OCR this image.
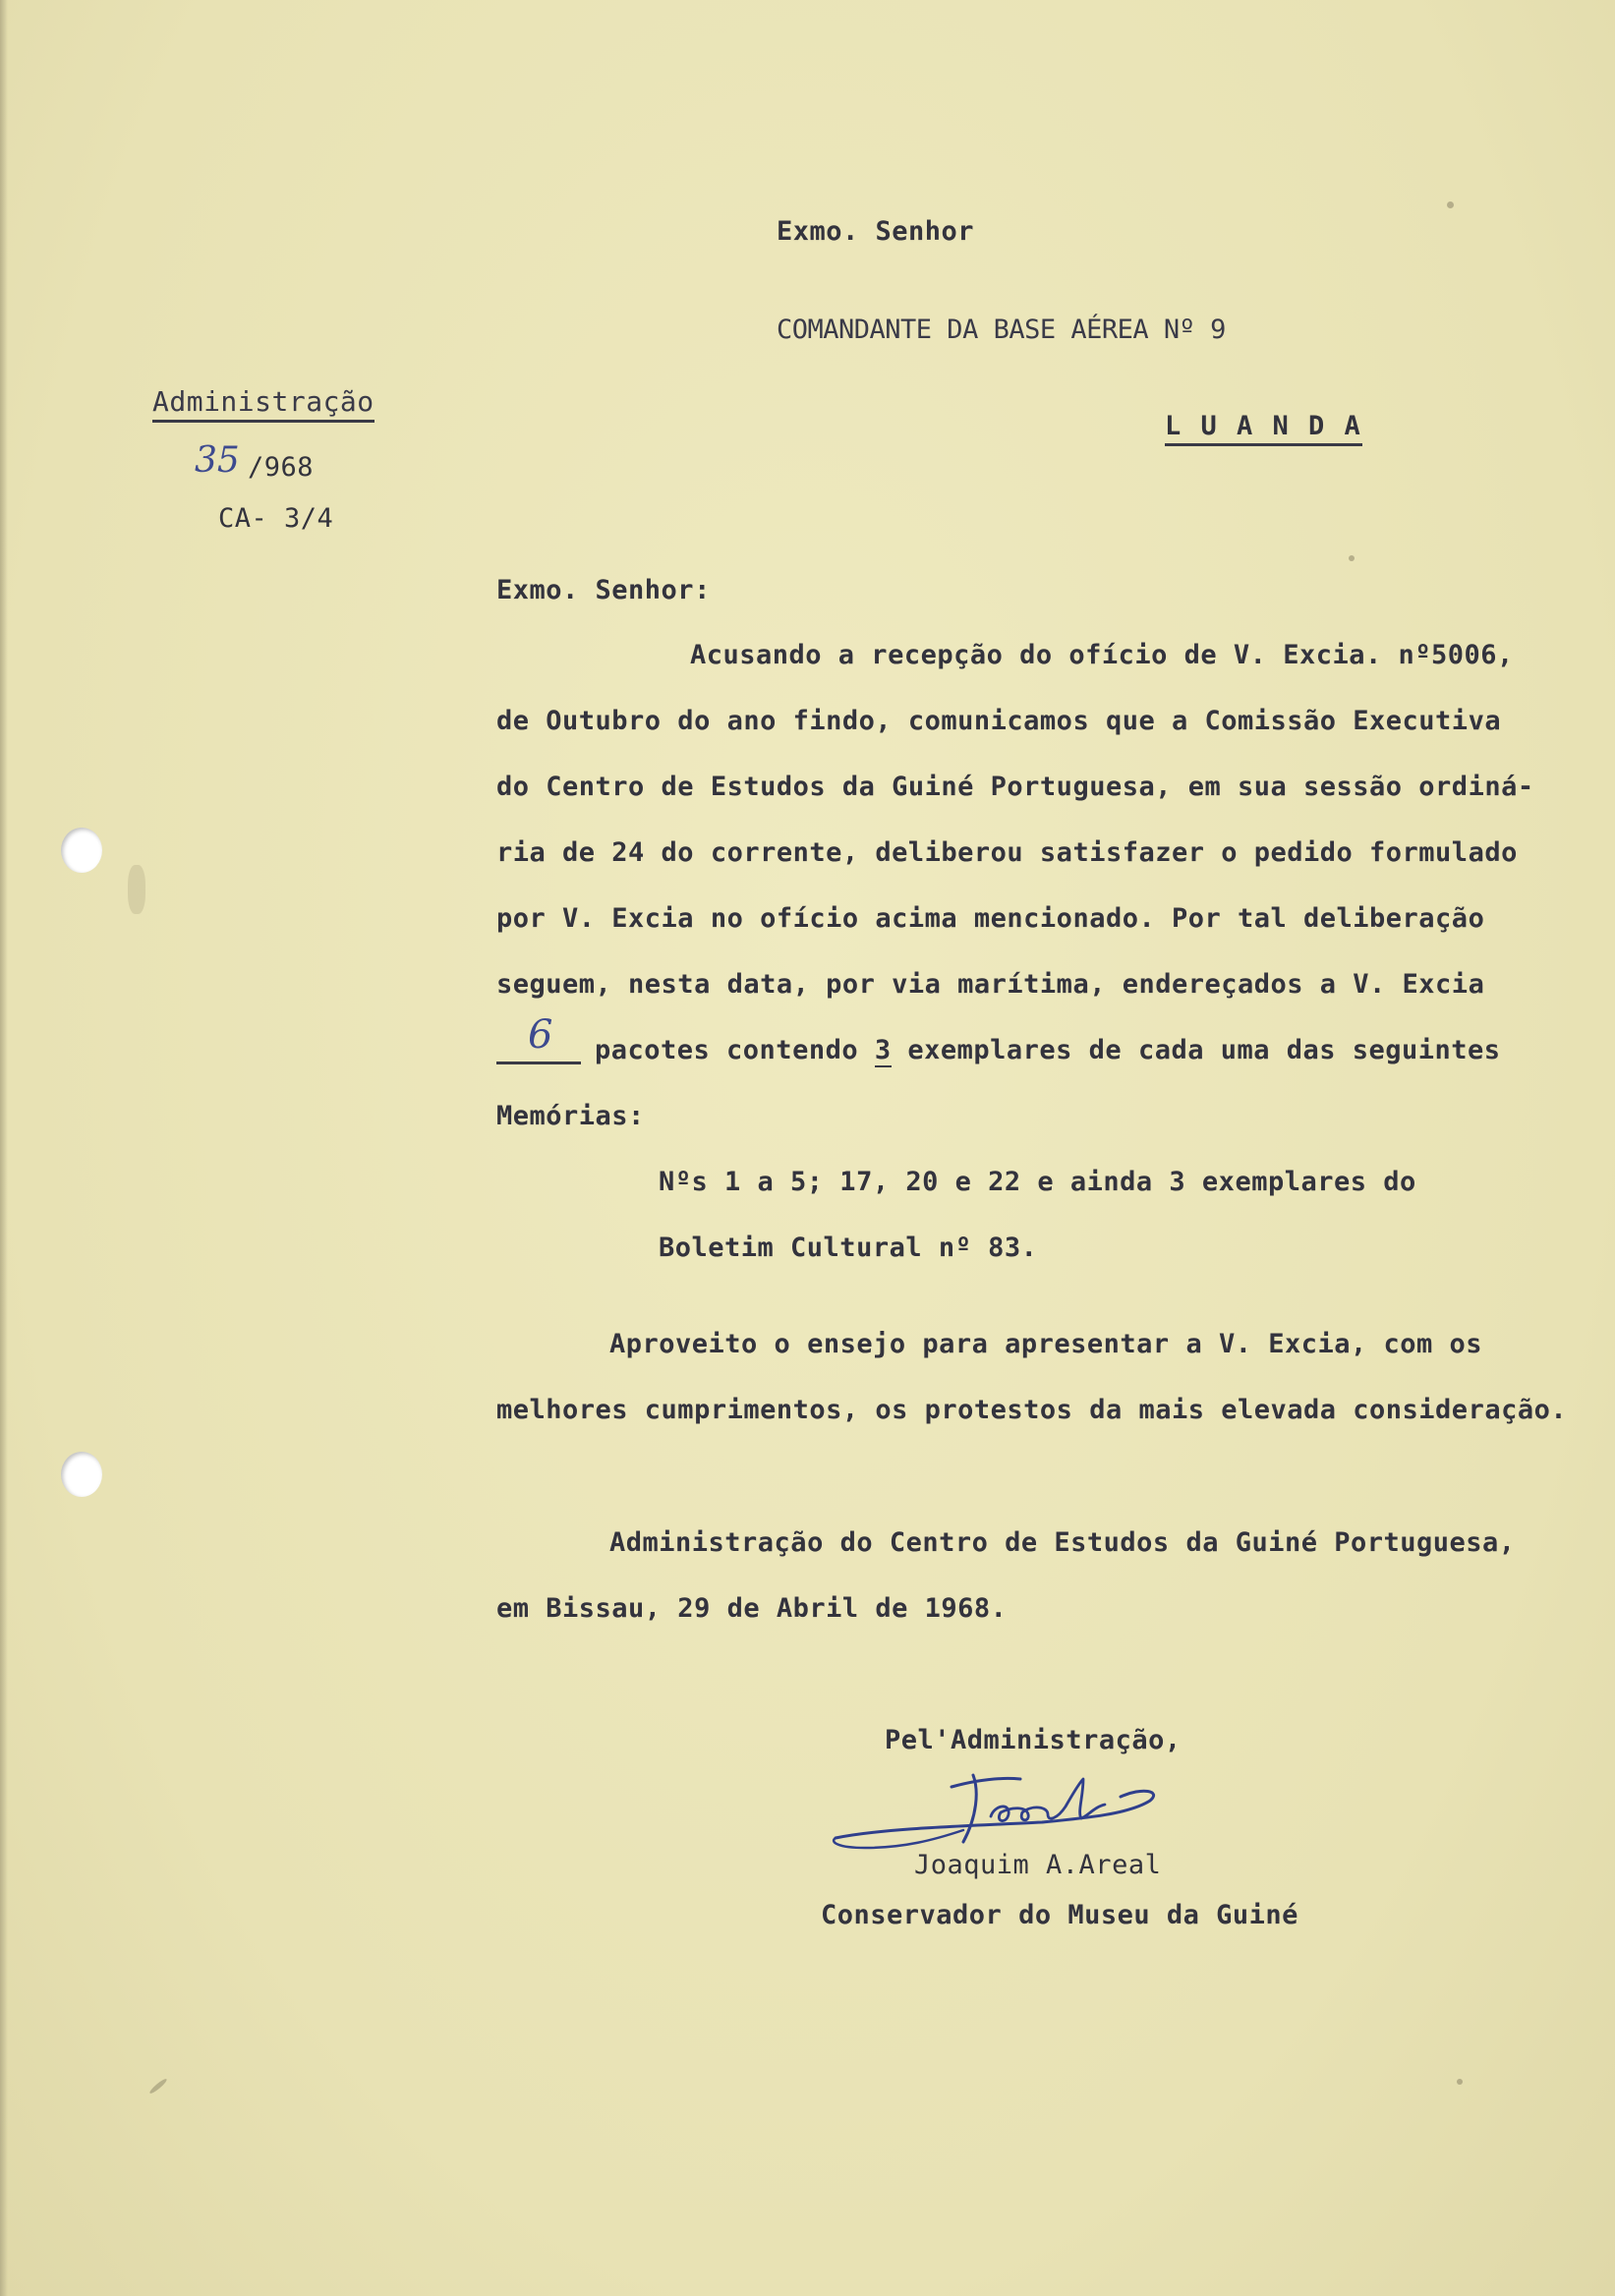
Exmo. Senhor
COMANDANTE DA BASE AÉREA Nº 9
L U A N D A
Administração
35 /968
CA- 3/4
Exmo. Senhor:
Acusando a recepção do ofício de V. Excia. nº5006,
de Outubro do ano findo, comunicamos que a Comissão Executiva
do Centro de Estudos da Guiné Portuguesa, em sua sessão ordiná-
ria de 24 do corrente, deliberou satisfazer o pedido formulado
por V. Excia no ofício acima mencionado. Por tal deliberação
seguem, nesta data, por via marítima, endereçados a V. Excia
6 pacotes contendo 3 exemplares de cada uma das seguintes
Memórias:
Nºs 1 a 5; 17, 20 e 22 e ainda 3 exemplares do
Boletim Cultural nº 83.
Aproveito o ensejo para apresentar a V. Excia, com os
melhores cumprimentos, os protestos da mais elevada consideração.
Administração do Centro de Estudos da Guiné Portuguesa,
em Bissau, 29 de Abril de 1968.
Pel'Administração,
Joaquim A.Areal
Conservador do Museu da Guiné
